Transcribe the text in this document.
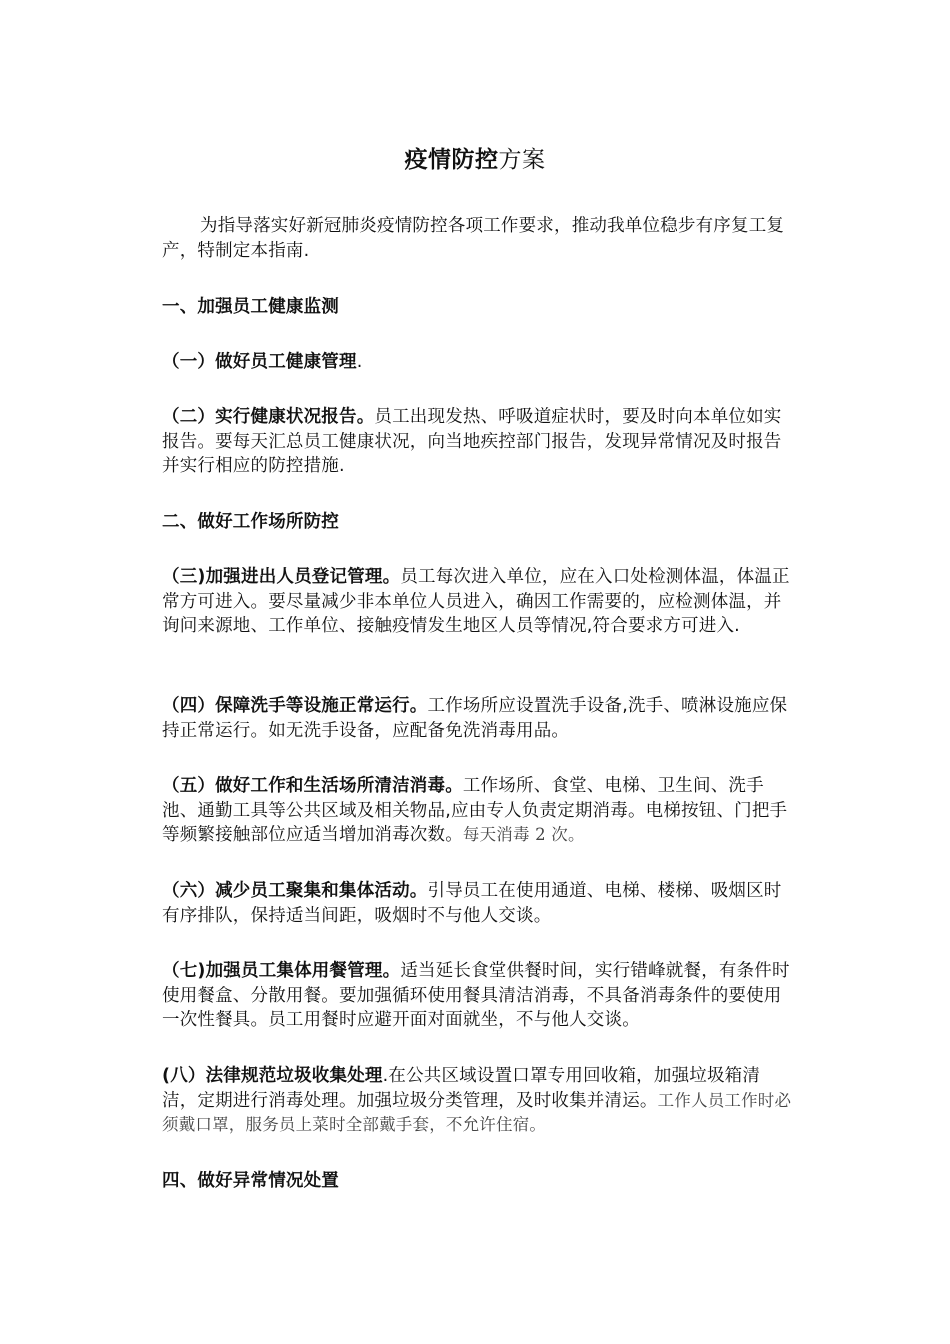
疫情防控方案
为指导落实好新冠肺炎疫情防控各项工作要求，推动我单位稳步有序复工复产，特制定本指南.
一、加强员工健康监测
（一）做好员工健康管理.
（二）实行健康状况报告。员工出现发热、呼吸道症状时，要及时向本单位如实报告。要每天汇总员工健康状况，向当地疾控部门报告，发现异常情况及时报告并实行相应的防控措施.
二、做好工作场所防控
（三)加强进出人员登记管理。员工每次进入单位，应在入口处检测体温，体温正常方可进入。要尽量减少非本单位人员进入，确因工作需要的，应检测体温，并询问来源地、工作单位、接触疫情发生地区人员等情况,符合要求方可进入.
（四）保障洗手等设施正常运行。工作场所应设置洗手设备,洗手、喷淋设施应保持正常运行。如无洗手设备，应配备免洗消毒用品。
（五）做好工作和生活场所清洁消毒。工作场所、食堂、电梯、卫生间、洗手池、通勤工具等公共区域及相关物品,应由专人负责定期消毒。电梯按钮、门把手等频繁接触部位应适当增加消毒次数。每天消毒 2 次。
（六）减少员工聚集和集体活动。引导员工在使用通道、电梯、楼梯、吸烟区时有序排队，保持适当间距，吸烟时不与他人交谈。
（七)加强员工集体用餐管理。适当延长食堂供餐时间，实行错峰就餐，有条件时使用餐盒、分散用餐。要加强循环使用餐具清洁消毒，不具备消毒条件的要使用一次性餐具。员工用餐时应避开面对面就坐，不与他人交谈。
(八）法律规范垃圾收集处理.在公共区域设置口罩专用回收箱，加强垃圾箱清洁，定期进行消毒处理。加强垃圾分类管理，及时收集并清运。工作人员工作时必须戴口罩，服务员上菜时全部戴手套，不允许住宿。
四、做好异常情况处置
